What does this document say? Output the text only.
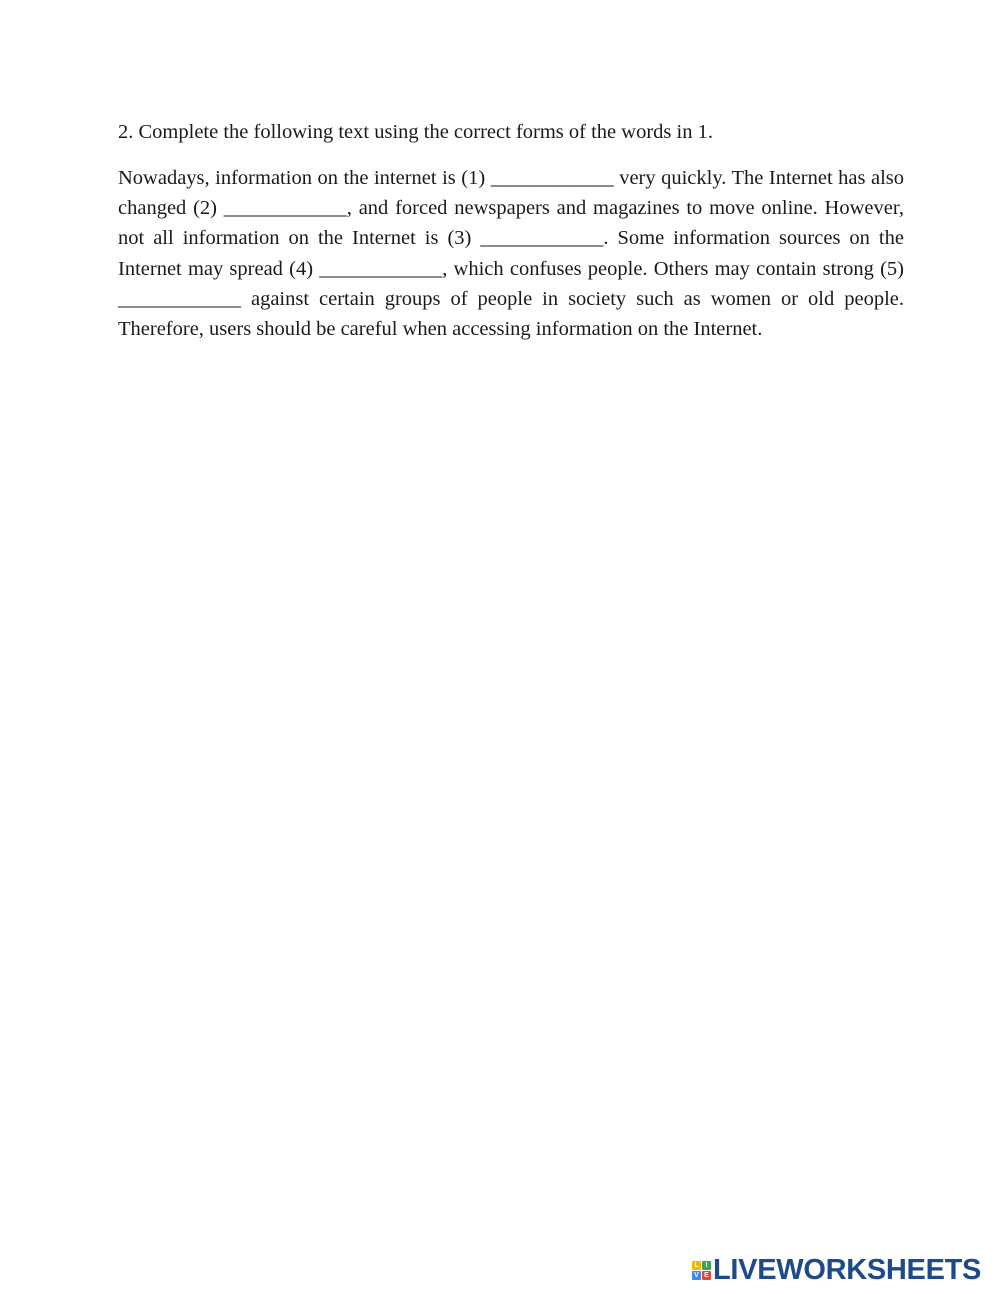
2. Complete the following text using the correct forms of the words in 1.

Nowadays, information on the internet is (1) ____________ very quickly. The Internet has also changed (2) ____________, and forced newspapers and magazines to move online. However, not all information on the Internet is (3) ____________. Some information sources on the Internet may spread (4) ____________, which confuses people. Others may contain strong (5) ____________ against certain groups of people in society such as women or old people. Therefore, users should be careful when accessing information on the Internet.

L I
V E LIVEWORKSHEETS
